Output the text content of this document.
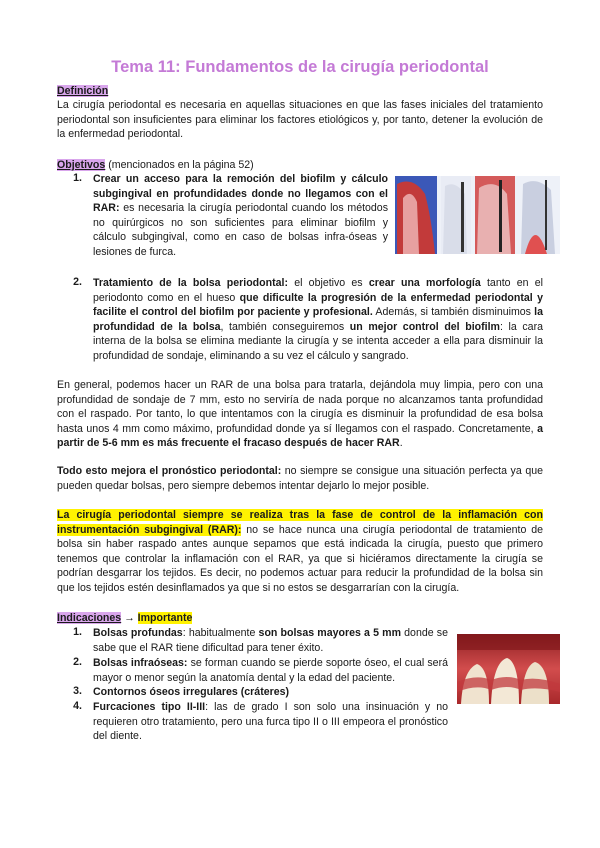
Tema 11: Fundamentos de la cirugía periodontal
Definición
La cirugía periodontal es necesaria en aquellas situaciones en que las fases iniciales del tratamiento periodontal son insuficientes para eliminar los factores etiológicos y, por tanto, detener la evolución de la enfermedad periodontal.
Objetivos (mencionados en la página 52)
1. Crear un acceso para la remoción del biofilm y cálculo subgingival en profundidades donde no llegamos con el RAR: es necesaria la cirugía periodontal cuando los métodos no quirúrgicos no son suficientes para eliminar biofilm y cálculo subgingival, como en caso de bolsas infra-óseas y lesiones de furca.
2. Tratamiento de la bolsa periodontal: el objetivo es crear una morfología tanto en el periodonto como en el hueso que dificulte la progresión de la enfermedad periodontal y facilite el control del biofilm por paciente y profesional. Además, si también disminuimos la profundidad de la bolsa, también conseguiremos un mejor control del biofilm: la cara interna de la bolsa se elimina mediante la cirugía y se intenta acceder a ella para disminuir la profundidad de sondaje, eliminando a su vez el cálculo y sangrado.
En general, podemos hacer un RAR de una bolsa para tratarla, dejándola muy limpia, pero con una profundidad de sondaje de 7 mm, esto no serviría de nada porque no alcanzamos tanta profundidad con el raspado. Por tanto, lo que intentamos con la cirugía es disminuir la profundidad de esa bolsa hasta unos 4 mm como máximo, profundidad donde ya sí llegamos con el raspado. Concretamente, a partir de 5-6 mm es más frecuente el fracaso después de hacer RAR.
Todo esto mejora el pronóstico periodontal: no siempre se consigue una situación perfecta ya que pueden quedar bolsas, pero siempre debemos intentar dejarlo lo mejor posible.
La cirugía periodontal siempre se realiza tras la fase de control de la inflamación con instrumentación subgingival (RAR): no se hace nunca una cirugía periodontal de tratamiento de bolsa sin haber raspado antes aunque sepamos que está indicada la cirugía, puesto que primero tenemos que controlar la inflamación con el RAR, ya que si hiciéramos directamente la cirugía se podrían desgarrar los tejidos. Es decir, no podemos actuar para reducir la profundidad de la bolsa sin que los tejidos estén desinflamados ya que si no estos se desgarrarían con la cirugía.
Indicaciones → Importante
1. Bolsas profundas: habitualmente son bolsas mayores a 5 mm donde se sabe que el RAR tiene dificultad para tener éxito.
2. Bolsas infraóseas: se forman cuando se pierde soporte óseo, el cual será mayor o menor según la anatomía dental y la edad del paciente.
3. Contornos óseos irregulares (cráteres)
4. Furcaciones tipo II-III: las de grado I son solo una insinuación y no requieren otro tratamiento, pero una furca tipo II o III empeora el pronóstico del diente.
